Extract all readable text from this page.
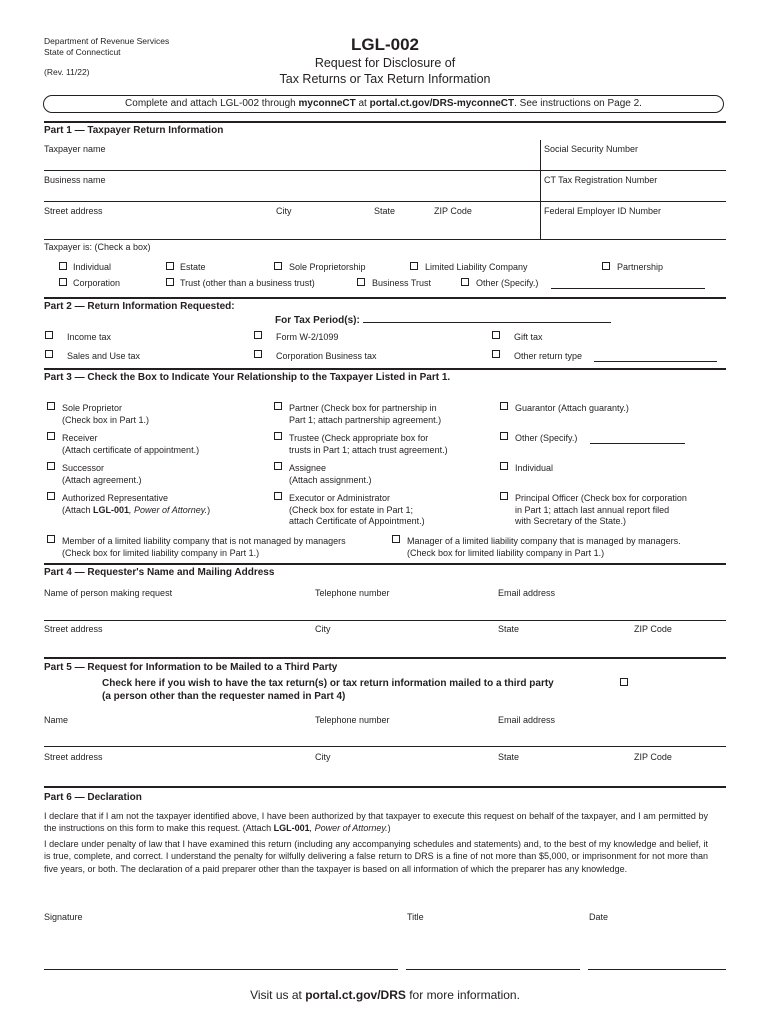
Department of Revenue Services
State of Connecticut
(Rev. 11/22)
LGL-002
Request for Disclosure of
Tax Returns or Tax Return Information
Complete and attach LGL-002 through myconneCT at portal.ct.gov/DRS-myconneCT. See instructions on Page 2.
Part 1 — Taxpayer Return Information
Taxpayer name	Social Security Number
Business name	CT Tax Registration Number
Street address	City	State	ZIP Code	Federal Employer ID Number
Taxpayer is: (Check a box)
Individual	Estate	Sole Proprietorship	Limited Liability Company	Partnership
Corporation	Trust (other than a business trust)	Business Trust	Other (Specify.)
Part 2 — Return Information Requested:
For Tax Period(s):
Income tax	Form W-2/1099	Gift tax
Sales and Use tax	Corporation Business tax	Other return type
Part 3 — Check the Box to Indicate Your Relationship to the Taxpayer Listed in Part 1.
Sole Proprietor
(Check box in Part 1.)
Partner (Check box for partnership in
Part 1; attach partnership agreement.)
Guarantor (Attach guaranty.)
Receiver
(Attach certificate of appointment.)
Trustee (Check appropriate box for
trusts in Part 1; attach trust agreement.)
Other (Specify.)
Successor
(Attach agreement.)
Assignee
(Attach assignment.)
Individual
Authorized Representative
(Attach LGL-001, Power of Attorney.)
Executor or Administrator
(Check box for estate in Part 1;
attach Certificate of Appointment.)
Principal Officer (Check box for corporation
in Part 1; attach last annual report filed
with Secretary of the State.)
Member of a limited liability company that is not managed by managers
(Check box for limited liability company in Part 1.)
Manager of a limited liability company that is managed by managers.
(Check box for limited liability company in Part 1.)
Part 4 — Requester's Name and Mailing Address
Name of person making request	Telephone number	Email address
Street address	City	State	ZIP Code
Part 5 — Request for Information to be Mailed to a Third Party
Check here if you wish to have the tax return(s) or tax return information mailed to a third party
(a person other than the requester named in Part 4)
Name	Telephone number	Email address
Street address	City	State	ZIP Code
Part 6 — Declaration
I declare that if I am not the taxpayer identified above, I have been authorized by that taxpayer to execute this request on behalf of the taxpayer, and I am permitted by the instructions on this form to make this request. (Attach LGL-001, Power of Attorney.)
I declare under penalty of law that I have examined this return (including any accompanying schedules and statements) and, to the best of my knowledge and belief, it is true, complete, and correct. I understand the penalty for wilfully delivering a false return to DRS is a fine of not more than $5,000, or imprisonment for not more than five years, or both. The declaration of a paid preparer other than the taxpayer is based on all information of which the preparer has any knowledge.
Signature	Title	Date
Visit us at portal.ct.gov/DRS for more information.
